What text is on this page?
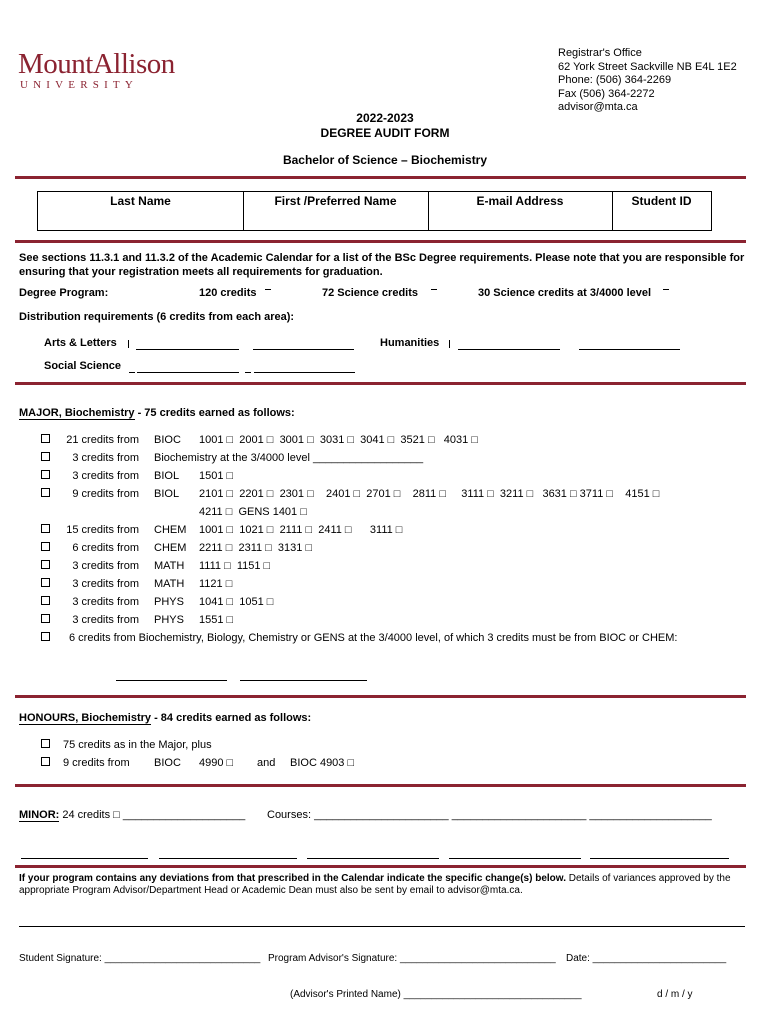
MountAllison
UNIVERSITY
Registrar's Office
62 York Street Sackville NB E4L 1E2
Phone: (506) 364-2269
Fax (506) 364-2272
advisor@mta.ca
2022-2023
DEGREE AUDIT FORM
Bachelor of Science – Biochemistry
Last Name	First /Preferred Name	E-mail Address	Student ID
See sections 11.3.1 and 11.3.2 of the Academic Calendar for a list of the BSc Degree requirements. Please note that you are responsible for ensuring that your registration meets all requirements for graduation.
Degree Program:	120 credits	72 Science credits	30 Science credits at 3/4000 level
Distribution requirements (6 credits from each area):
Arts & Letters	Humanities
Social Science
MAJOR, Biochemistry - 75 credits earned as follows:
21 credits from BIOC 1001 □  2001 □  3001 □  3031 □  3041 □  3521 □   4031 □
3 credits from Biochemistry at the 3/4000 level __________________
3 credits from BIOL 1501 □
9 credits from BIOL 2101 □  2201 □  2301 □    2401 □  2701 □    2811 □     3111 □  3211 □   3631 □ 3711 □    4151 □
4211 □  GENS 1401 □
15 credits from CHEM 1001 □  1021 □  2111 □  2411 □      3111 □
6 credits from CHEM 2211 □  2311 □  3131 □
3 credits from MATH 1111 □  1151 □
3 credits from MATH 1121 □
3 credits from PHYS 1041 □  1051 □
3 credits from PHYS 1551 □
6 credits from Biochemistry, Biology, Chemistry or GENS at the 3/4000 level, of which 3 credits must be from BIOC or CHEM:
HONOURS, Biochemistry - 84 credits earned as follows:
75 credits as in the Major, plus
9 credits from BIOC 4990 □ and BIOC 4903 □
MINOR: 24 credits □ ____________________ Courses: ______________________ ______________________ ____________________
If your program contains any deviations from that prescribed in the Calendar indicate the specific change(s) below. Details of variances approved by the appropriate Program Advisor/Department Head or Academic Dean must also be sent by email to advisor@mta.ca.
Student Signature: ____________________________ Program Advisor's Signature: ____________________________ Date: ________________________
(Advisor's Printed Name) ________________________________	d / m / y
